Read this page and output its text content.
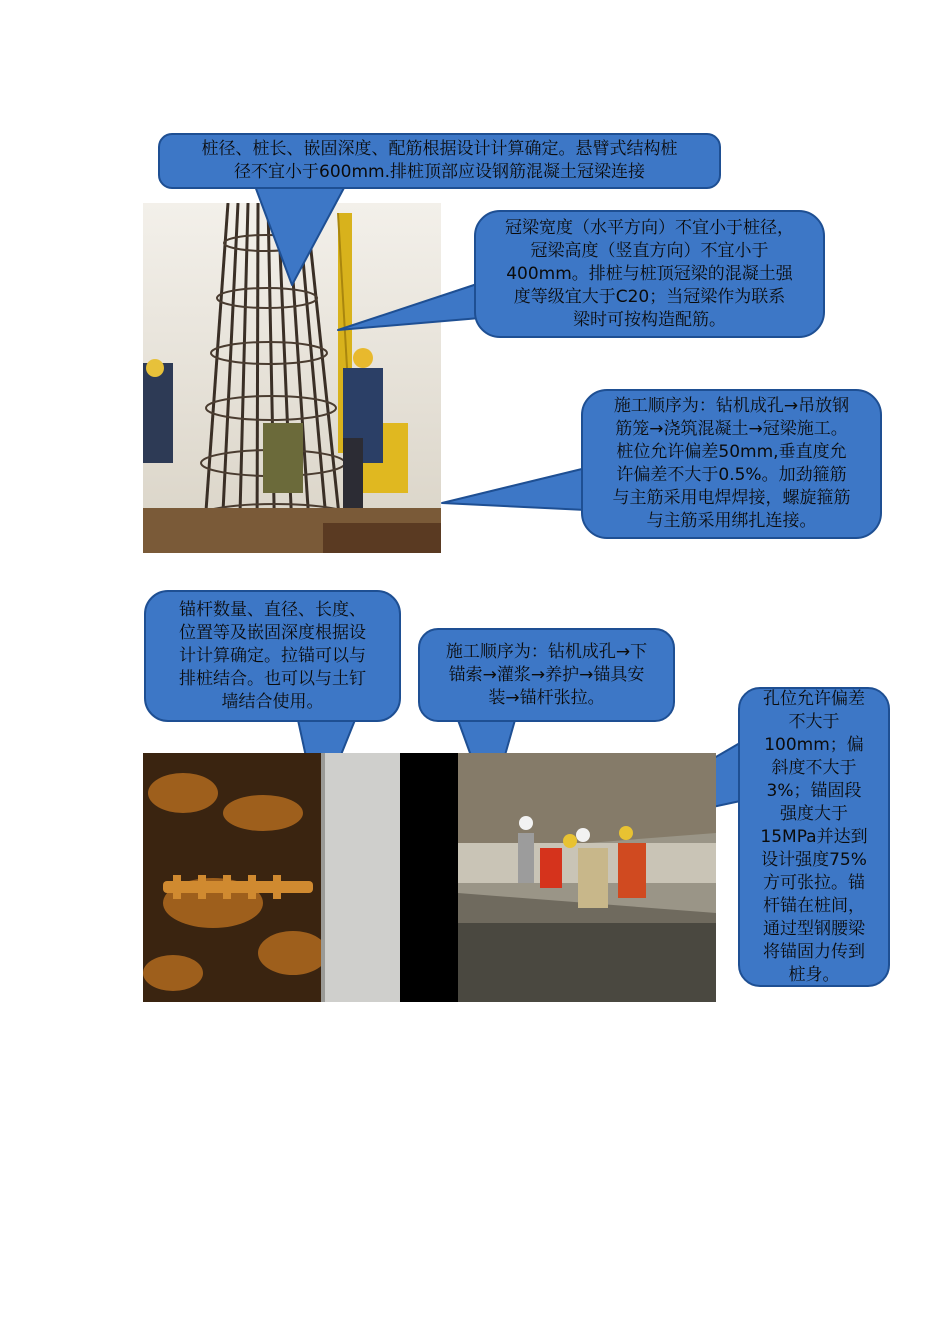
桩径、桩长、嵌固深度、配筋根据设计计算确定。悬臂式结构桩
径不宜小于600mm.排桩顶部应设钢筋混凝土冠梁连接
冠梁宽度（水平方向）不宜小于桩径，
冠梁高度（竖直方向）不宜小于
400mm。排桩与桩顶冠梁的混凝土强
度等级宜大于C20；当冠梁作为联系
梁时可按构造配筋。
施工顺序为：钻机成孔→吊放钢
筋笼→浇筑混凝土→冠梁施工。
桩位允许偏差50mm,垂直度允
许偏差不大于0.5%。加劲箍筋
与主筋采用电焊焊接，螺旋箍筋
与主筋采用绑扎连接。
锚杆数量、直径、长度、
位置等及嵌固深度根据设
计计算确定。拉锚可以与
排桩结合。也可以与土钉
墙结合使用。
施工顺序为：钻机成孔→下
锚索→灌浆→养护→锚具安
装→锚杆张拉。	孔位允许偏差
不大于
100mm；偏
斜度不大于
3%；锚固段
强度大于
15MPa并达到
设计强度75%
方可张拉。锚
杆锚在桩间，
通过型钢腰梁
将锚固力传到
桩身。
